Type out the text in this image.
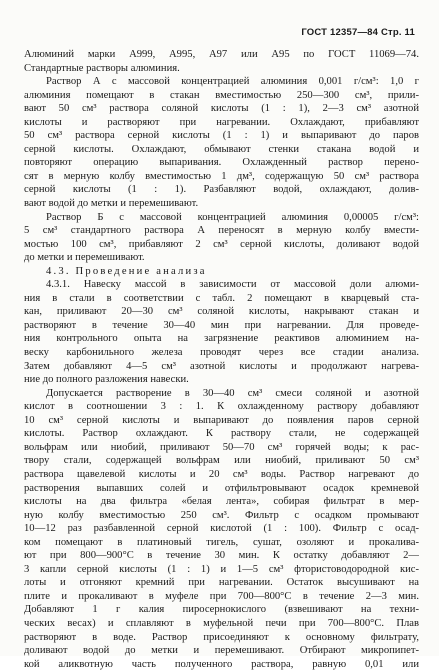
ГОСТ 12357—84 Стр. 11
Алюминий марки А999, А995, А97 или А95 по ГОСТ 11069—74.
Стандартные растворы алюминия.
Раствор А с массовой концентрацией алюминия 0,001 г/см³: 1,0 г
алюминия помещают в стакан вместимостью 250—300 см³, прили-
вают 50 см³ раствора соляной кислоты (1 : 1), 2—3 см³ азотной
кислоты и растворяют при нагревании. Охлаждают, прибавляют
50 см³ раствора серной кислоты (1 : 1) и выпаривают до паров
серной кислоты. Охлаждают, обмывают стенки стакана водой и
повторяют операцию выпаривания. Охлажденный раствор перено-
сят в мерную колбу вместимостью 1 дм³, содержащую 50 см³ раствора
серной кислоты (1 : 1). Разбавляют водой, охлаждают, долив-
вают водой до метки и перемешивают.
Раствор Б с массовой концентрацией алюминия 0,00005 г/см³:
5 см³ стандартного раствора А переносят в мерную колбу вмести-
мостью 100 см³, прибавляют 2 см³ серной кислоты, доливают водой
до метки и перемешивают.
4.3. Проведение анализа
4.3.1. Навеску массой в зависимости от массовой доли алюми-
ния в стали в соответствии с табл. 2 помещают в кварцевый ста-
кан, приливают 20—30 см³ соляной кислоты, накрывают стакан и
растворяют в течение 30—40 мин при нагревании. Для проведе-
ния контрольного опыта на загрязнение реактивов алюминием на-
веску карбонильного железа проводят через все стадии анализа.
Затем добавляют 4—5 см³ азотной кислоты и продолжают нагрева-
ние до полного разложения навески.
Допускается растворение в 30—40 см³ смеси соляной и азотной
кислот в соотношении 3 : 1. К охлажденному раствору добавляют
10 см³ серной кислоты и выпаривают до появления паров серной
кислоты. Раствор охлаждают. К раствору стали, не содержащей
вольфрам или ниобий, приливают 50—70 см³ горячей воды; к рас-
твору стали, содержащей вольфрам или ниобий, приливают 50 см³
раствора щавелевой кислоты и 20 см³ воды. Раствор нагревают до
растворения выпавших солей и отфильтровывают осадок кремневой
кислоты на два фильтра «белая лента», собирая фильтрат в мер-
ную колбу вместимостью 250 см³. Фильтр с осадком промывают
10—12 раз разбавленной серной кислотой (1 : 100). Фильтр с осад-
ком помещают в платиновый тигель, сушат, озоляют и прокалива-
ют при 800—900°С в течение 30 мин. К остатку добавляют 2—
3 капли серной кислоты (1 : 1) и 1—5 см³ фтористоводородной кис-
лоты и отгоняют кремний при нагревании. Остаток высушивают на
плите и прокаливают в муфеле при 700—800°С в течение 2—3 мин.
Добавляют 1 г калия пиросернокислого (взвешивают на техни-
ческих весах) и сплавляют в муфельной печи при 700—800°С. Плав
растворяют в воде. Раствор присоединяют к основному фильтрату,
доливают водой до метки и перемешивают. Отбирают микропипет-
кой аликвотную часть полученного раствора, равную 0,01 или
